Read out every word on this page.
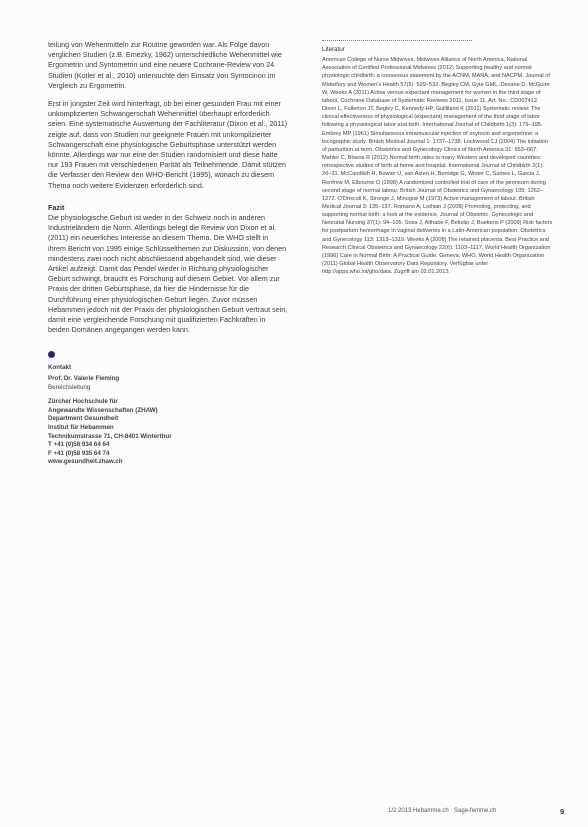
teilung von Wehenmitteln zur Routine geworden war. Als Folge davon verglichen Studien (z.B. Emezky, 1962) unterschiedliche Wehenmittel wie Ergometrin und Syntometrin und eine neuere Cochrane-Review von 24 Studien (Kotler et al., 2010) untersuchte den Einsatz von Syntocinon im Vergleich zu Ergometrin.

Erst in jüngster Zeit wird hinterfragt, ob bei einer gesunden Frau mit einer unkomplizierten Schwangerschaft Wehenmittel überhaupt erforderlich seien. Eine systematische Auswertung der Fachliteratur (Dixon et al., 2011) zeigte auf, dass von Studien nur geeignete Frauen mit unkomplizierter Schwangerschaft eine physiologische Geburtsphase unterstützt werden könnte. Allerdings war nur eine der Studien randomisiert und diese hatte nur 193 Frauen mit verschiedenen Parität als Teilnehmende. Damit stützen die Verfasser den Review den WHO-Bericht (1995), wonach zu diesem Thema noch weitere Evidenzen erforderlich sind.

Fazit

Die physiologische Geburt ist weder in der Schweiz noch in anderen Industrieländern die Norm. Allerdings belegt die Review von Dixon et al. (2011) ein neuerliches Interesse an diesem Thema. Die WHO stellt in ihrem Bericht von 1995 einige Schlüsselthemen zur Diskussion, von denen mindestens zwei noch nicht abschliessend abgehandelt sind, wie dieser Artikel aufzeigt. Damit das Pendel wieder in Richtung physiologischer Geburt schwingt, braucht es Forschung auf diesem Gebiet. Vor allem zur Praxis der dritten Geburtsphase, da hier die Hindernisse für die Durchführung einer physiologischen Geburt liegen. Zuvor müssen Hebammen jedoch mit der Praxis der physiologischen Geburt vertraut sein, damit eine vergleichende Forschung mit qualifizierten Fachkräften in beiden Domänen angegangen werden kann.

Kontakt
Prof. Dr. Valerie Fleming
Bereichsleitung
Zürcher Hochschule für
Angewandte Wissenschaften (ZHAW)
Department Gesundheit
Institut für Hebammen
Technikumstrasse 71, CH-8401 Winterthur
T +41 (0)58 934 64 64
F +41 (0)58 935 64 74
www.gesundheit.zhaw.ch
Literatur

American College of Nurse Midwives, Midwives Alliance of North America, National Association of Certified Professional Midwives (2012) Supporting healthy and normal physiologic childbirth: a consensus statement by the ACNM, MANA, and NACPM. Journal of Midwifery and Women's Health 57(5): 529–532. Begley CM, Gyte GML, Devane D, McGuire W, Weeks A (2011) Active versus expectant management for women in the third stage of labour. Cochrane Database of Systematic Reviews 2011, Issue 11, Art. No.: CD007412. Dixon L, Fullerton JT, Begley C, Kennedy HP, Guilliland K (2011) Systematic review: The clinical effectiveness of physiological (expectant) management of the third stage of labor following a physiological labor and birth. International Journal of Childbirth 1(3): 179–195. Embrey MP (1961) Simultaneous intramuscular injection of oxytocin and ergometrine: a tocographic study. British Medical Journal 1: 1737–1738. Lockwood CJ (2004) The initiation of parturition at term. Obstetrics and Gynecology Clinics of North America 31: 653–667. Mahler C, Bloess R (2012) Normal birth rates in many Western and developed countries: retrospective studies of birth at home and hospital. International Journal of Childbirth 2(1): 20–31. McCandlish R, Bowler U, van Asten H, Berridge G, Winter C, Sames L, Garcia J, Renfrew M, Elbourne D (1998) A randomised controlled trial of care of the perineum during second stage of normal labour. British Journal of Obstetrics and Gynaecology 105: 1262–1272. O'Driscoll K, Stronge J, Minogue M (1973) Active management of labour. British Medical Journal 3: 135–137. Romano A, Lothian J (2008) Promoting, protecting, and supporting normal birth: a look at the evidence. Journal of Obstetric, Gynecologic and Neonatal Nursing 37(1): 94–105. Sosa J, Althabe F, Belizán J, Buekens P (2009) Risk factors for postpartum hemorrhage in vaginal deliveries in a Latin-American population. Obstetrics and Gynecology 113: 1313–1319. Weeks A (2008) The retained placenta. Best Practice and Research Clinical Obstetrics and Gynaecology 22(6): 1103–1117. World Health Organization (1996) Care in Normal Birth: A Practical Guide. Geneva: WHO. World Health Organization (2011) Global Health Observatory Data Repository. Verfügbar unter http://apps.who.int/gho/data. Zugriff am 02.01.2013.

1/2 2013 Hebamme.ch · Sage-femme.ch	9
